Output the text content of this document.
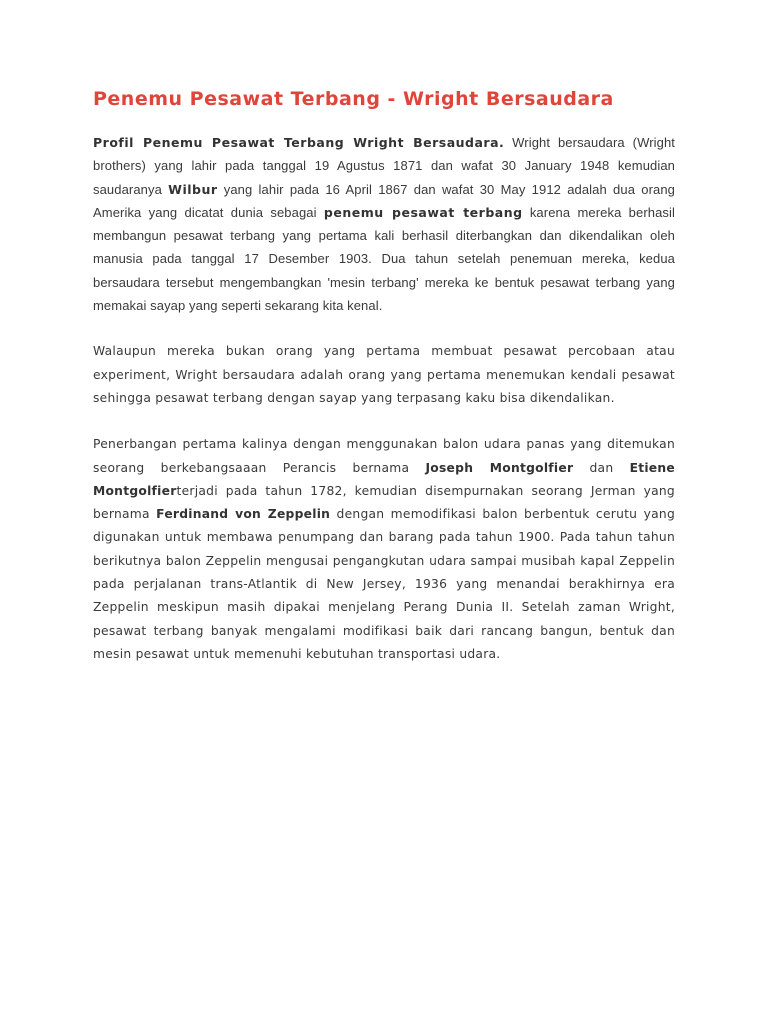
Penemu Pesawat Terbang - Wright Bersaudara

Profil Penemu Pesawat Terbang Wright Bersaudara. Wright bersaudara (Wright brothers) yang lahir pada tanggal 19 Agustus 1871 dan wafat 30 January 1948 kemudian saudaranya Wilbur yang lahir pada 16 April 1867 dan wafat 30 May 1912 adalah dua orang Amerika yang dicatat dunia sebagai penemu pesawat terbang karena mereka berhasil membangun pesawat terbang yang pertama kali berhasil diterbangkan dan dikendalikan oleh manusia pada tanggal 17 Desember 1903. Dua tahun setelah penemuan mereka, kedua bersaudara tersebut mengembangkan 'mesin terbang' mereka ke bentuk pesawat terbang yang memakai sayap yang seperti sekarang kita kenal.

Walaupun mereka bukan orang yang pertama membuat pesawat percobaan atau experiment, Wright bersaudara adalah orang yang pertama menemukan kendali pesawat sehingga pesawat terbang dengan sayap yang terpasang kaku bisa dikendalikan.

Penerbangan pertama kalinya dengan menggunakan balon udara panas yang ditemukan seorang berkebangsaaan Perancis bernama Joseph Montgolfier dan Etiene Montgolfierterjadi pada tahun 1782, kemudian disempurnakan seorang Jerman yang bernama Ferdinand von Zeppelin dengan memodifikasi balon berbentuk cerutu yang digunakan untuk membawa penumpang dan barang pada tahun 1900. Pada tahun tahun berikutnya balon Zeppelin mengusai pengangkutan udara sampai musibah kapal Zeppelin pada perjalanan trans-Atlantik di New Jersey, 1936 yang menandai berakhirnya era Zeppelin meskipun masih dipakai menjelang Perang Dunia II. Setelah zaman Wright, pesawat terbang banyak mengalami modifikasi baik dari rancang bangun, bentuk dan mesin pesawat untuk memenuhi kebutuhan transportasi udara.
